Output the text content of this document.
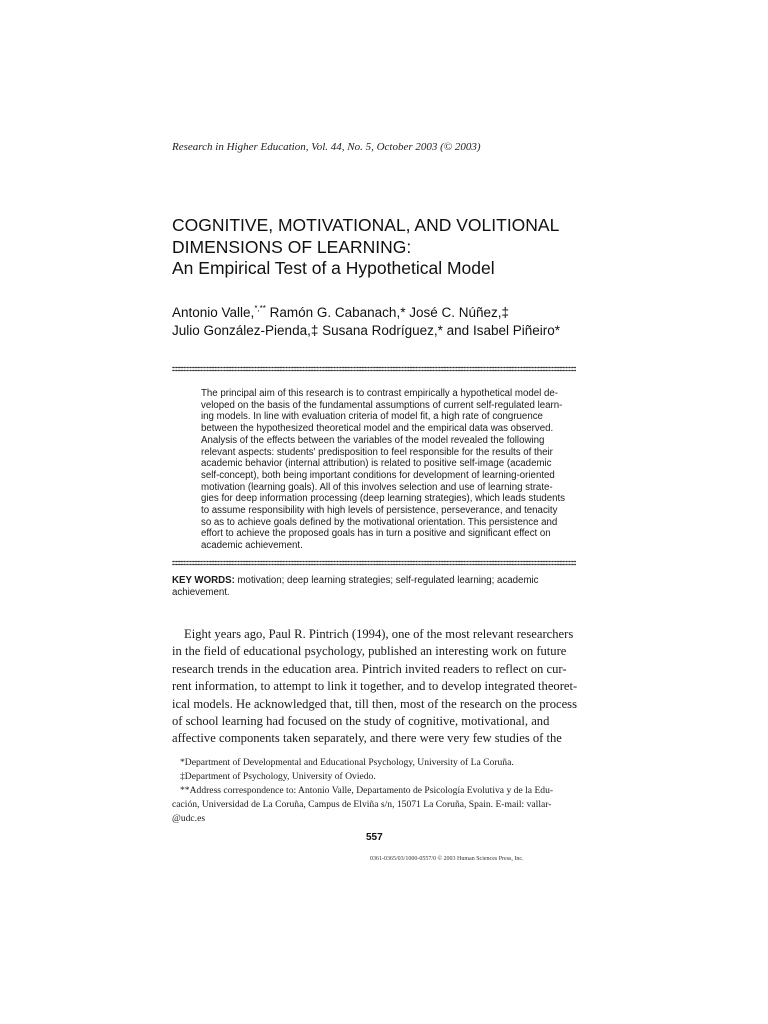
Research in Higher Education, Vol. 44, No. 5, October 2003 (© 2003)
COGNITIVE, MOTIVATIONAL, AND VOLITIONAL
DIMENSIONS OF LEARNING:
An Empirical Test of a Hypothetical Model
Antonio Valle,*,** Ramón G. Cabanach,* José C. Núñez,‡
Julio González-Pienda,‡ Susana Rodríguez,* and Isabel Piñeiro*
The principal aim of this research is to contrast empirically a hypothetical model de-
veloped on the basis of the fundamental assumptions of current self-regulated learn-
ing models. In line with evaluation criteria of model fit, a high rate of congruence
between the hypothesized theoretical model and the empirical data was observed.
Analysis of the effects between the variables of the model revealed the following
relevant aspects: students' predisposition to feel responsible for the results of their
academic behavior (internal attribution) is related to positive self-image (academic
self-concept), both being important conditions for development of learning-oriented
motivation (learning goals). All of this involves selection and use of learning strate-
gies for deep information processing (deep learning strategies), which leads students
to assume responsibility with high levels of persistence, perseverance, and tenacity
so as to achieve goals defined by the motivational orientation. This persistence and
effort to achieve the proposed goals has in turn a positive and significant effect on
academic achievement.
KEY WORDS: motivation; deep learning strategies; self-regulated learning; academic
achievement.
Eight years ago, Paul R. Pintrich (1994), one of the most relevant researchers
in the field of educational psychology, published an interesting work on future
research trends in the education area. Pintrich invited readers to reflect on cur-
rent information, to attempt to link it together, and to develop integrated theoret-
ical models. He acknowledged that, till then, most of the research on the process
of school learning had focused on the study of cognitive, motivational, and
affective components taken separately, and there were very few studies of the
*Department of Developmental and Educational Psychology, University of La Coruña.
‡Department of Psychology, University of Oviedo.
**Address correspondence to: Antonio Valle, Departamento de Psicología Evolutiva y de la Edu-
cación, Universidad de La Coruña, Campus de Elviña s/n, 15071 La Coruña, Spain. E-mail: vallar-
@udc.es
557
0361-0365/03/1000-0557/0 © 2003 Human Sciences Press, Inc.
